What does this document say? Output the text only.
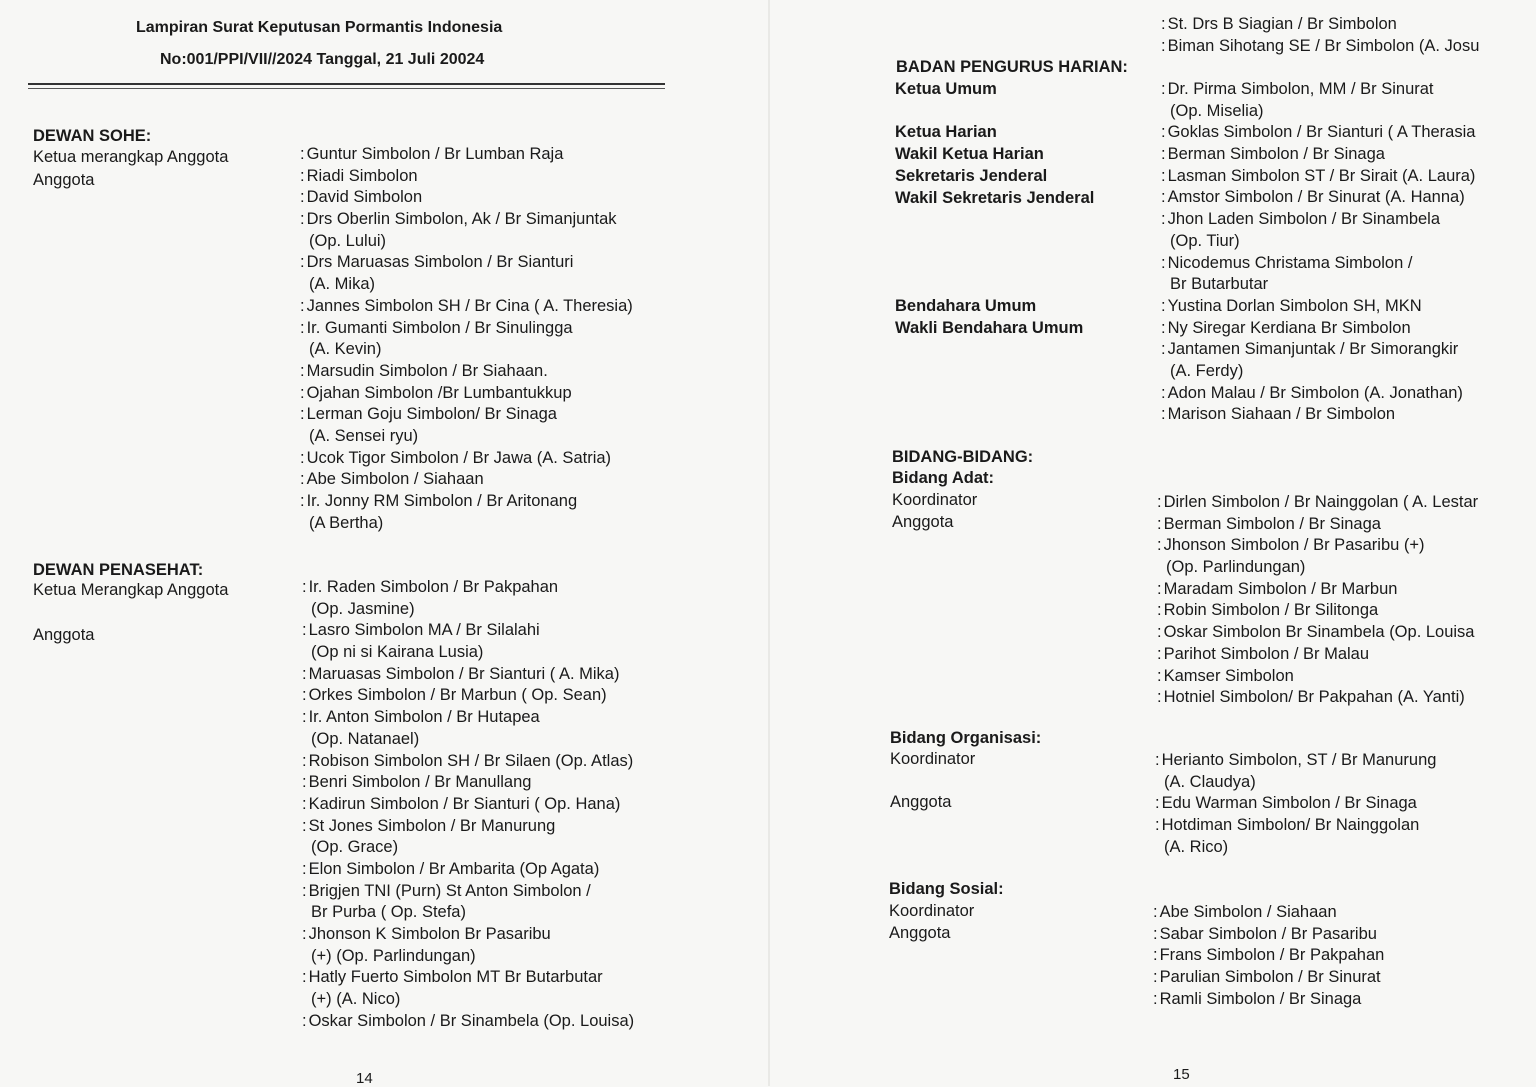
Lampiran Surat Keputusan Pormantis Indonesia
No:001/PPI/VII//2024 Tanggal, 21 Juli 20024
DEWAN SOHE:
Ketua merangkap Anggota
Anggota
: Guntur Simbolon / Br Lumban Raja
: Riadi Simbolon
: David Simbolon
: Drs Oberlin Simbolon, Ak / Br Simanjuntak
(Op. Lului)
: Drs Maruasas Simbolon / Br Sianturi
(A. Mika)
: Jannes Simbolon SH / Br Cina ( A. Theresia)
: Ir. Gumanti Simbolon / Br Sinulingga
(A. Kevin)
: Marsudin Simbolon / Br Siahaan.
: Ojahan Simbolon /Br Lumbantukkup
: Lerman Goju Simbolon/ Br Sinaga
(A. Sensei ryu)
: Ucok Tigor Simbolon / Br Jawa (A. Satria)
: Abe Simbolon / Siahaan
: Ir. Jonny RM Simbolon / Br Aritonang
(A Bertha)
DEWAN PENASEHAT:
Ketua Merangkap Anggota
Anggota
: Ir. Raden Simbolon / Br Pakpahan
(Op. Jasmine)
: Lasro Simbolon MA / Br Silalahi
(Op ni si Kairana Lusia)
: Maruasas Simbolon / Br Sianturi ( A. Mika)
: Orkes Simbolon / Br Marbun ( Op. Sean)
: Ir. Anton Simbolon / Br Hutapea
(Op. Natanael)
: Robison Simbolon SH / Br Silaen (Op. Atlas)
: Benri Simbolon / Br Manullang
: Kadirun Simbolon / Br Sianturi ( Op. Hana)
: St Jones Simbolon / Br Manurung
(Op. Grace)
: Elon Simbolon / Br Ambarita (Op Agata)
: Brigjen TNI (Purn) St Anton Simbolon /
Br Purba ( Op. Stefa)
: Jhonson K Simbolon Br Pasaribu
(+) (Op. Parlindungan)
: Hatly Fuerto Simbolon MT Br Butarbutar
(+) (A. Nico)
: Oskar Simbolon / Br Sinambela (Op. Louisa)
14
: St. Drs B Siagian / Br Simbolon
: Biman Sihotang SE / Br Simbolon (A. Josu
BADAN PENGURUS HARIAN:
Ketua Umum
Ketua Harian
Wakil Ketua Harian
Sekretaris Jenderal
Wakil Sekretaris Jenderal
Bendahara Umum
Wakli Bendahara Umum
: Dr. Pirma Simbolon, MM / Br Sinurat
(Op. Miselia)
: Goklas Simbolon / Br Sianturi ( A Therasia
: Berman Simbolon / Br Sinaga
: Lasman Simbolon ST / Br Sirait (A. Laura)
: Amstor Simbolon / Br Sinurat (A. Hanna)
: Jhon Laden Simbolon / Br Sinambela
(Op. Tiur)
: Nicodemus Christama Simbolon /
Br Butarbutar
: Yustina Dorlan Simbolon SH, MKN
: Ny Siregar Kerdiana Br Simbolon
: Jantamen Simanjuntak / Br Simorangkir
(A. Ferdy)
: Adon Malau / Br Simbolon (A. Jonathan)
: Marison Siahaan / Br Simbolon
BIDANG-BIDANG:
Bidang Adat:
Koordinator
Anggota
: Dirlen Simbolon / Br Nainggolan ( A. Lestar
: Berman Simbolon / Br Sinaga
: Jhonson Simbolon / Br Pasaribu (+)
(Op. Parlindungan)
: Maradam Simbolon / Br Marbun
: Robin Simbolon / Br Silitonga
: Oskar Simbolon Br Sinambela (Op. Louisa
: Parihot Simbolon / Br Malau
: Kamser Simbolon
: Hotniel Simbolon/ Br Pakpahan (A. Yanti)
Bidang Organisasi:
Koordinator
Anggota
: Herianto Simbolon, ST / Br Manurung
(A. Claudya)
: Edu Warman Simbolon / Br Sinaga
: Hotdiman Simbolon/ Br Nainggolan
(A. Rico)
Bidang Sosial:
Koordinator
Anggota
: Abe Simbolon / Siahaan
: Sabar Simbolon / Br Pasaribu
: Frans Simbolon / Br Pakpahan
: Parulian Simbolon / Br Sinurat
: Ramli Simbolon / Br Sinaga
15
